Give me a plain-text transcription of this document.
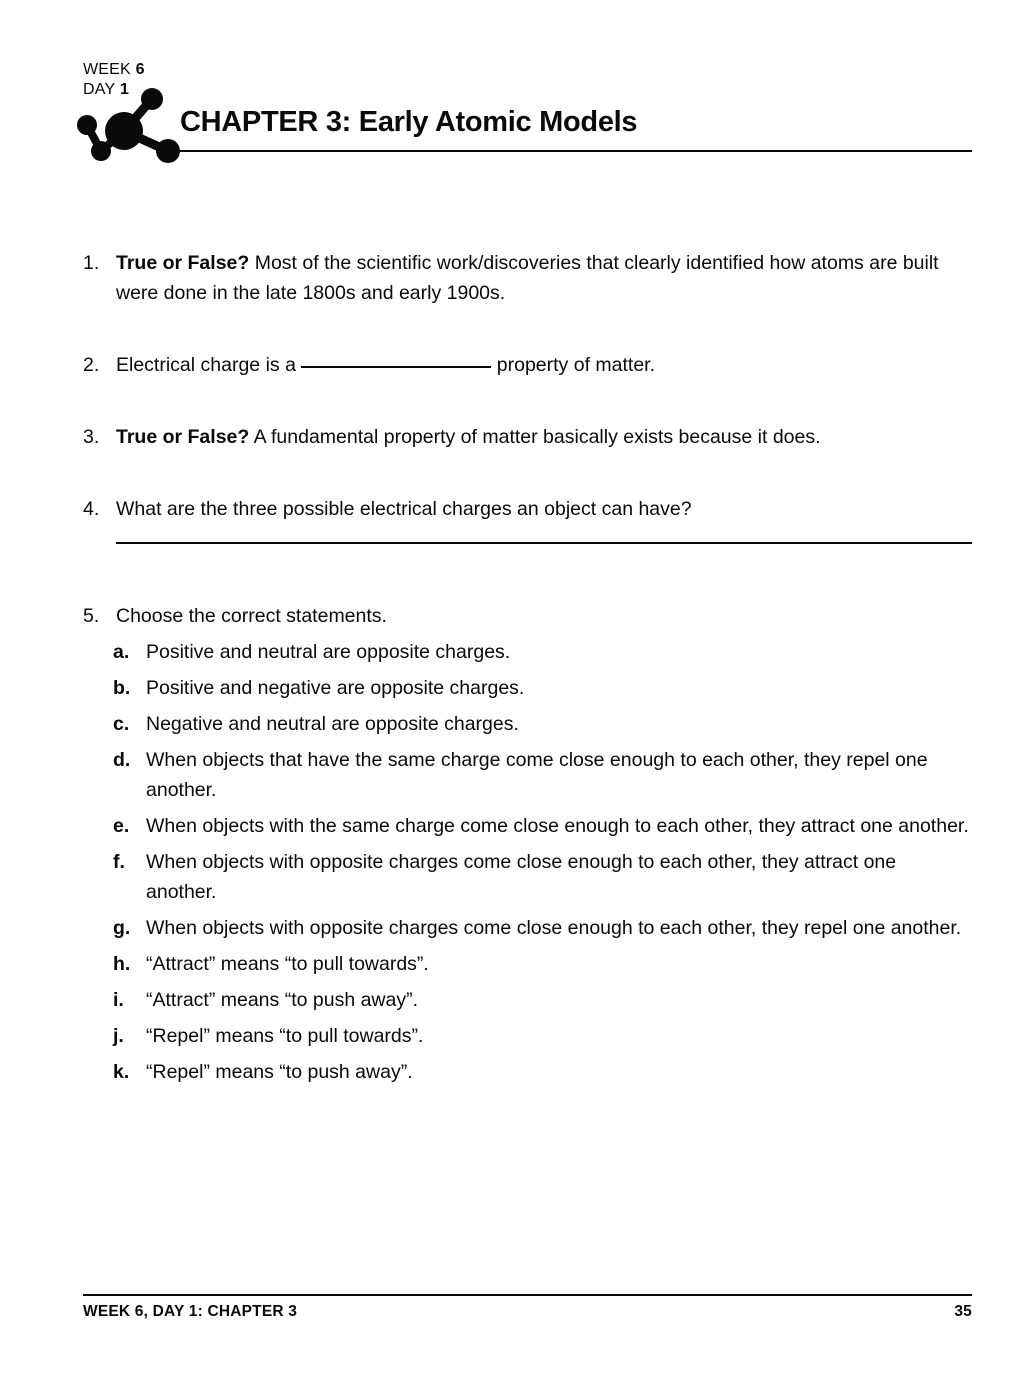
WEEK 6
DAY 1
CHAPTER 3: Early Atomic Models
1. True or False? Most of the scientific work/discoveries that clearly identified how atoms are built were done in the late 1800s and early 1900s.

2. Electrical charge is a	property of matter.

3. True or False? A fundamental property of matter basically exists because it does.

4. What are the three possible electrical charges an object can have?

5. Choose the correct statements.

a. Positive and neutral are opposite charges.

b. Positive and negative are opposite charges.

c. Negative and neutral are opposite charges.

d. When objects that have the same charge come close enough to each other, they repel one another.

e. When objects with the same charge come close enough to each other, they attract one another.

f.	When objects with opposite charges come close enough to each other, they attract one another.

g. When objects with opposite charges come close enough to each other, they repel one another.

h. “Attract” means “to pull towards”.

i.	“Attract” means “to push away”.

j.	“Repel” means “to pull towards”.

k. “Repel” means “to push away”.

WEEK 6, DAY 1: CHAPTER 3	35
